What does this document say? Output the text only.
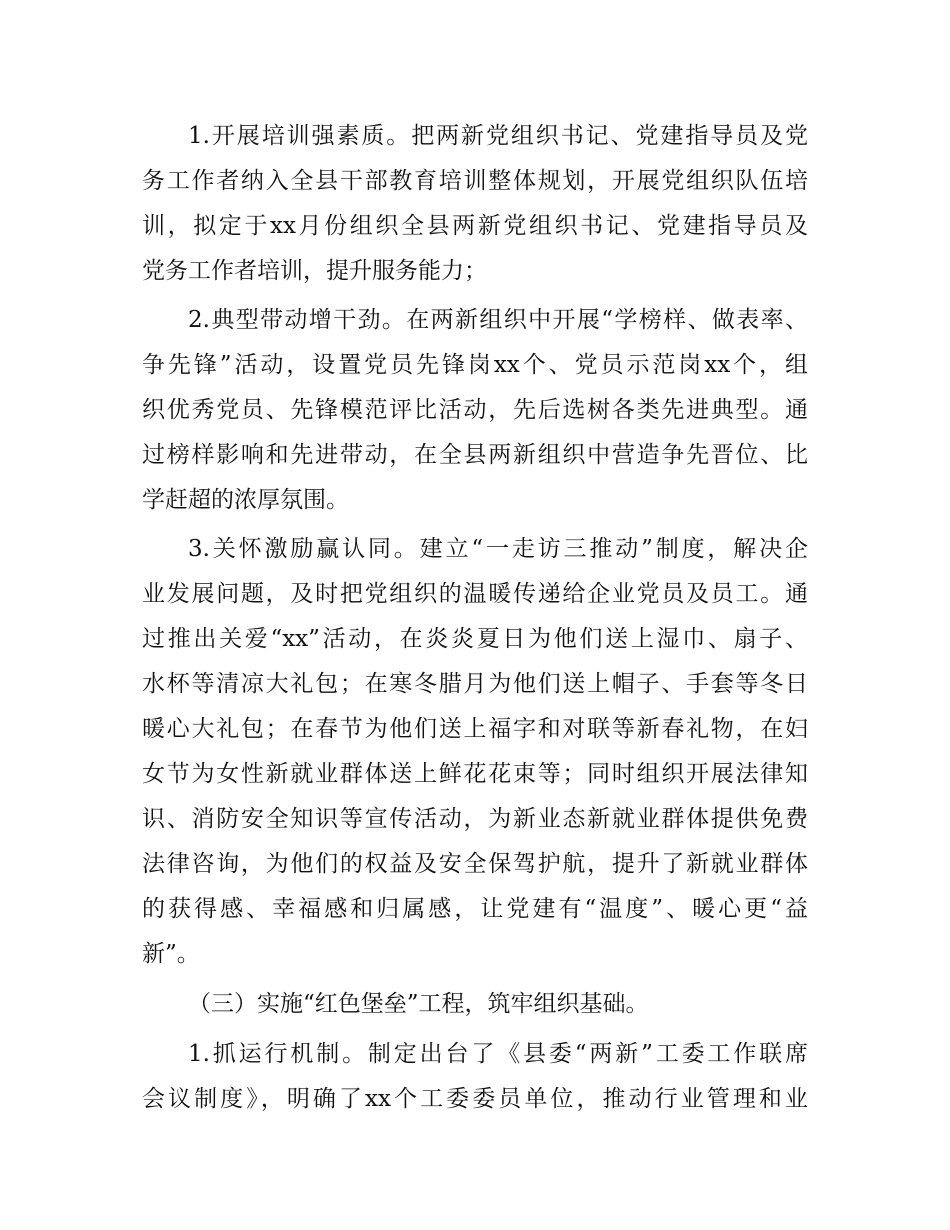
1.开展培训强素质。把两新党组织书记、党建指导员及党
务工作者纳入全县干部教育培训整体规划，开展党组织队伍培
训，拟定于xx月份组织全县两新党组织书记、党建指导员及
党务工作者培训，提升服务能力；
2.典型带动增干劲。在两新组织中开展“学榜样、做表率、
争先锋”活动，设置党员先锋岗xx个、党员示范岗xx个，组
织优秀党员、先锋模范评比活动，先后选树各类先进典型。通
过榜样影响和先进带动，在全县两新组织中营造争先晋位、比
学赶超的浓厚氛围。
3.关怀激励赢认同。建立“一走访三推动”制度，解决企
业发展问题，及时把党组织的温暖传递给企业党员及员工。通
过推出关爱“xx”活动，在炎炎夏日为他们送上湿巾、扇子、
水杯等清凉大礼包；在寒冬腊月为他们送上帽子、手套等冬日
暖心大礼包；在春节为他们送上福字和对联等新春礼物，在妇
女节为女性新就业群体送上鲜花花束等；同时组织开展法律知
识、消防安全知识等宣传活动，为新业态新就业群体提供免费
法律咨询，为他们的权益及安全保驾护航，提升了新就业群体
的获得感、幸福感和归属感，让党建有“温度”、暖心更“益
新”。
（三）实施“红色堡垒”工程，筑牢组织基础。
1.抓运行机制。制定出台了《县委“两新”工委工作联席
会议制度》，明确了xx个工委委员单位，推动行业管理和业
